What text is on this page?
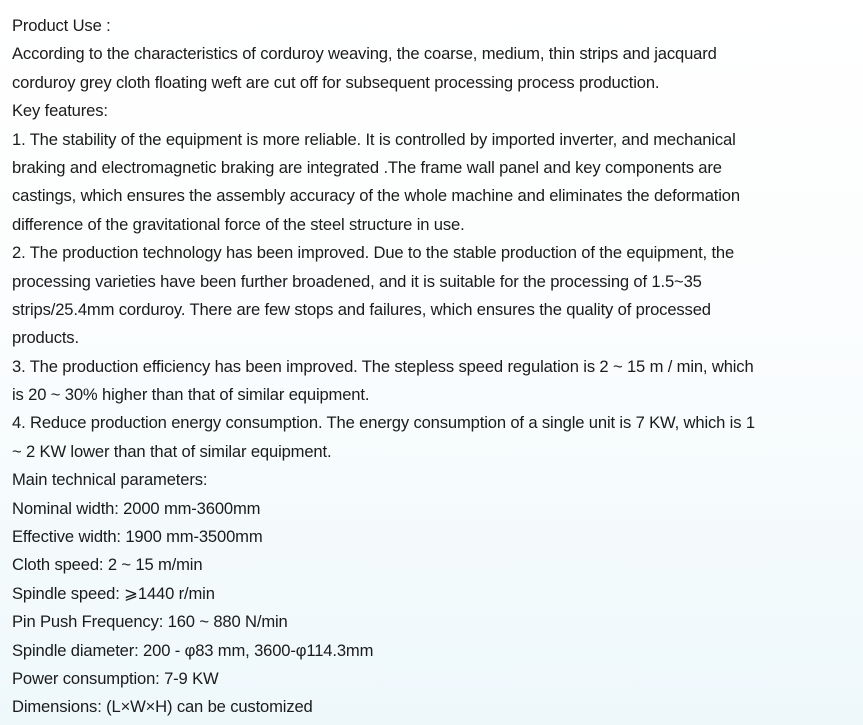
Product Use :
According to the characteristics of corduroy weaving, the coarse, medium, thin strips and jacquard
corduroy grey cloth floating weft are cut off for subsequent processing process production.
Key features:
1. The stability of the equipment is more reliable. It is controlled by imported inverter, and mechanical
braking and electromagnetic braking are integrated .The frame wall panel and key components are
castings, which ensures the assembly accuracy of the whole machine and eliminates the deformation
difference of the gravitational force of the steel structure in use.
2. The production technology has been improved. Due to the stable production of the equipment, the
processing varieties have been further broadened, and it is suitable for the processing of 1.5~35
strips/25.4mm corduroy. There are few stops and failures, which ensures the quality of processed
products.
3. The production efficiency has been improved. The stepless speed regulation is 2 ~ 15 m / min, which
is 20 ~ 30% higher than that of similar equipment.
4. Reduce production energy consumption. The energy consumption of a single unit is 7 KW, which is 1
~ 2 KW lower than that of similar equipment.
Main technical parameters:
Nominal width: 2000 mm-3600mm
Effective width: 1900 mm-3500mm
Cloth speed: 2 ~ 15 m/min
Spindle speed: ⩾1440 r/min
Pin Push Frequency: 160 ~ 880 N/min
Spindle diameter: 200 - φ83 mm, 3600-φ114.3mm
Power consumption: 7-9 KW
Dimensions: (L×W×H) can be customized
